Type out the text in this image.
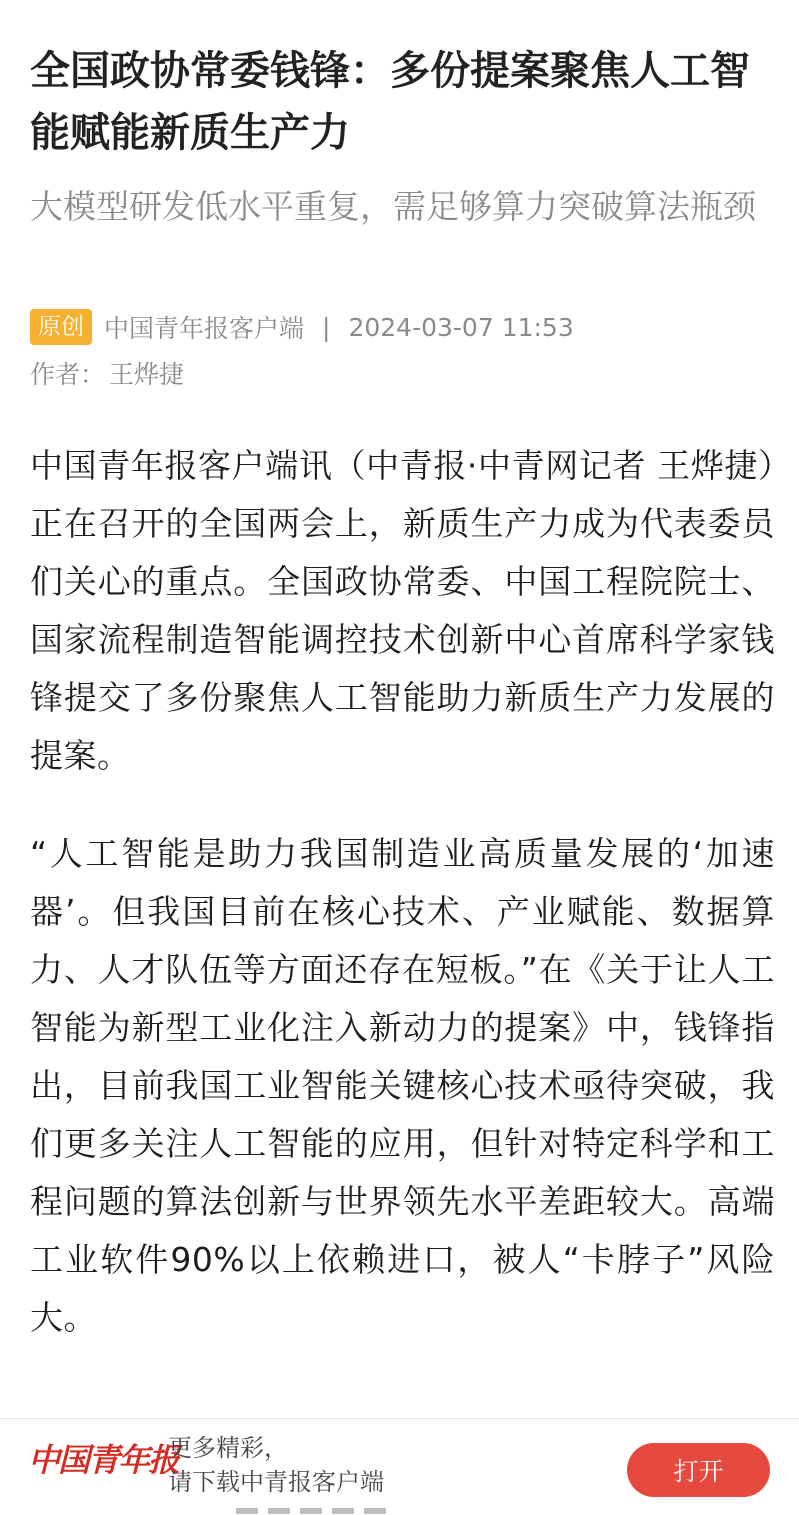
全国政协常委钱锋：多份提案聚焦人工智能赋能新质生产力

大模型研发低水平重复，需足够算力突破算法瓶颈

原创 中国青年报客户端 | 2024-03-07 11:53
作者： 王烨捷

中国青年报客户端讯（中青报·中青网记者 王烨捷）正在召开的全国两会上，新质生产力成为代表委员们关心的重点。全国政协常委、中国工程院院士、国家流程制造智能调控技术创新中心首席科学家钱锋提交了多份聚焦人工智能助力新质生产力发展的提案。

“人工智能是助力我国制造业高质量发展的‘加速器’。但我国目前在核心技术、产业赋能、数据算力、人才队伍等方面还存在短板。”在《关于让人工智能为新型工业化注入新动力的提案》中，钱锋指出，目前我国工业智能关键核心技术亟待突破，我们更多关注人工智能的应用，但针对特定科学和工程问题的算法创新与世界领先水平差距较大。高端工业软件90%以上依赖进口，被人“卡脖子”风险大。

中国青年报
更多精彩，
请下载中青报客户端	打开
